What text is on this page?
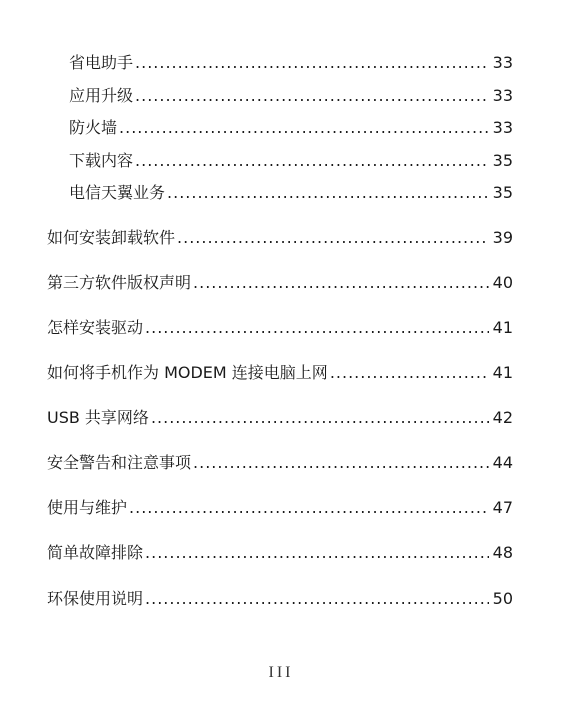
省电助手 .....	33
应用升级 .....	33
防火墙 .....	33
下载内容 .....	35
电信天翼业务 .....	35
如何安装卸载软件 .....	39
第三方软件版权声明 .....	40
怎样安装驱动 .....	41
如何将手机作为 MODEM 连接电脑上网 .....	41
USB 共享网络 .....	42
安全警告和注意事项 .....	44
使用与维护 .....	47
简单故障排除 .....	48
环保使用说明 .....	50
III
